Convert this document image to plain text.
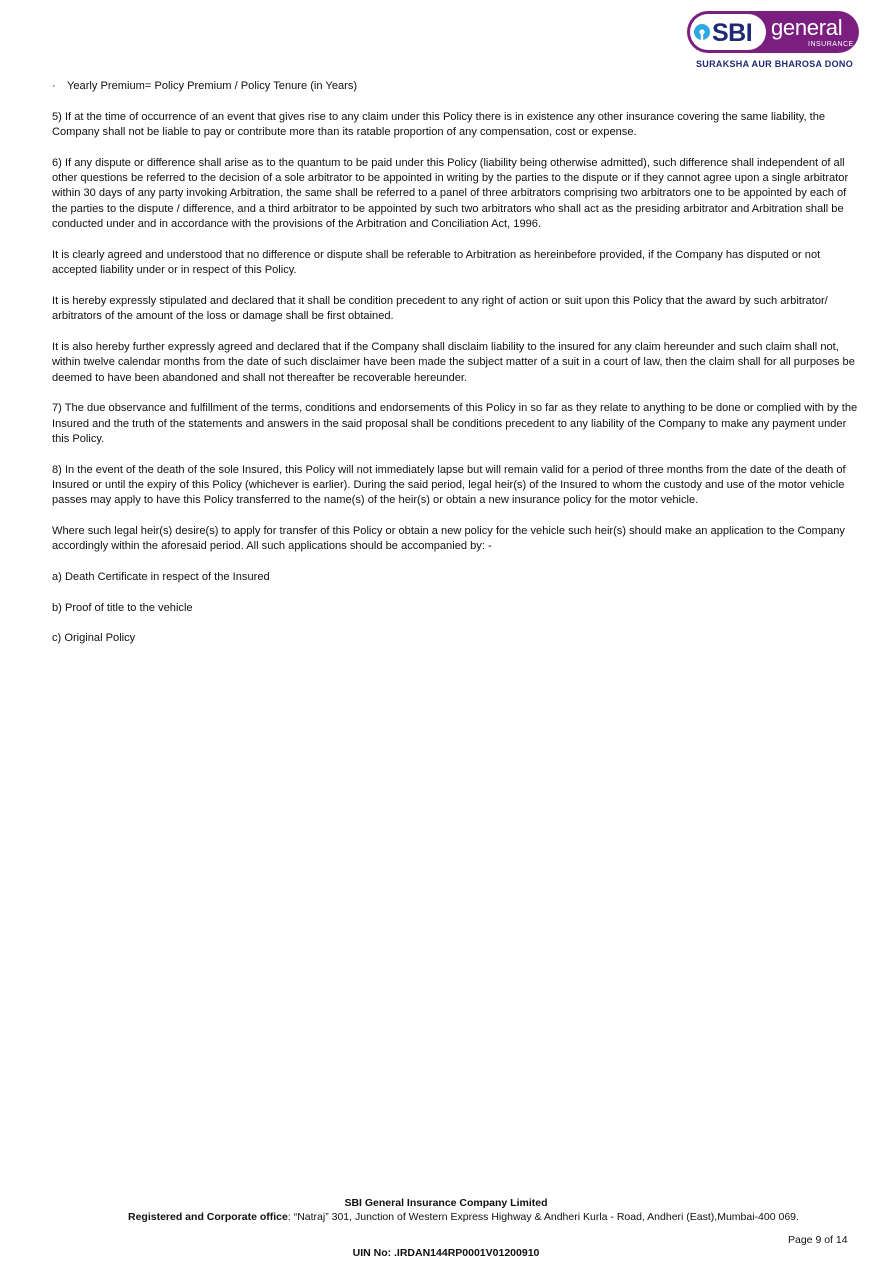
SBI general
INSURANCE
SURAKSHA AUR BHAROSA DONO

· Yearly Premium= Policy Premium / Policy Tenure (in Years)

5) If at the time of occurrence of an event that gives rise to any claim under this Policy there is in existence any other insurance covering the same liability, the Company shall not be liable to pay or contribute more than its ratable proportion of any compensation, cost or expense.

6) If any dispute or difference shall arise as to the quantum to be paid under this Policy (liability being otherwise admitted), such difference shall independent of all other questions be referred to the decision of a sole arbitrator to be appointed in writing by the parties to the dispute or if they cannot agree upon a single arbitrator within 30 days of any party invoking Arbitration, the same shall be referred to a panel of three arbitrators comprising two arbitrators one to be appointed by each of the parties to the dispute / difference, and a third arbitrator to be appointed by such two arbitrators who shall act as the presiding arbitrator and Arbitration shall be conducted under and in accordance with the provisions of the Arbitration and Conciliation Act, 1996.

It is clearly agreed and understood that no difference or dispute shall be referable to Arbitration as hereinbefore provided, if the Company has disputed or not accepted liability under or in respect of this Policy.

It is hereby expressly stipulated and declared that it shall be condition precedent to any right of action or suit upon this Policy that the award by such arbitrator/ arbitrators of the amount of the loss or damage shall be first obtained.

It is also hereby further expressly agreed and declared that if the Company shall disclaim liability to the insured for any claim hereunder and such claim shall not, within twelve calendar months from the date of such disclaimer have been made the subject matter of a suit in a court of law, then the claim shall for all purposes be deemed to have been abandoned and shall not thereafter be recoverable hereunder.

7) The due observance and fulfillment of the terms, conditions and endorsements of this Policy in so far as they relate to anything to be done or complied with by the Insured and the truth of the statements and answers in the said proposal shall be conditions precedent to any liability of the Company to make any payment under this Policy.

8) In the event of the death of the sole Insured, this Policy will not immediately lapse but will remain valid for a period of three months from the date of the death of Insured or until the expiry of this Policy (whichever is earlier). During the said period, legal heir(s) of the Insured to whom the custody and use of the motor vehicle passes may apply to have this Policy transferred to the name(s) of the heir(s) or obtain a new insurance policy for the motor vehicle.

Where such legal heir(s) desire(s) to apply for transfer of this Policy or obtain a new policy for the vehicle such heir(s) should make an application to the Company accordingly within the aforesaid period. All such applications should be accompanied by: -

a) Death Certificate in respect of the Insured

b) Proof of title to the vehicle

c) Original Policy

SBI General Insurance Company Limited
Registered and Corporate office: “Natraj” 301, Junction of Western Express Highway & Andheri Kurla - Road, Andheri (East),Mumbai-400 069.
Page 9 of 14
UIN No: .IRDAN144RP0001V01200910
